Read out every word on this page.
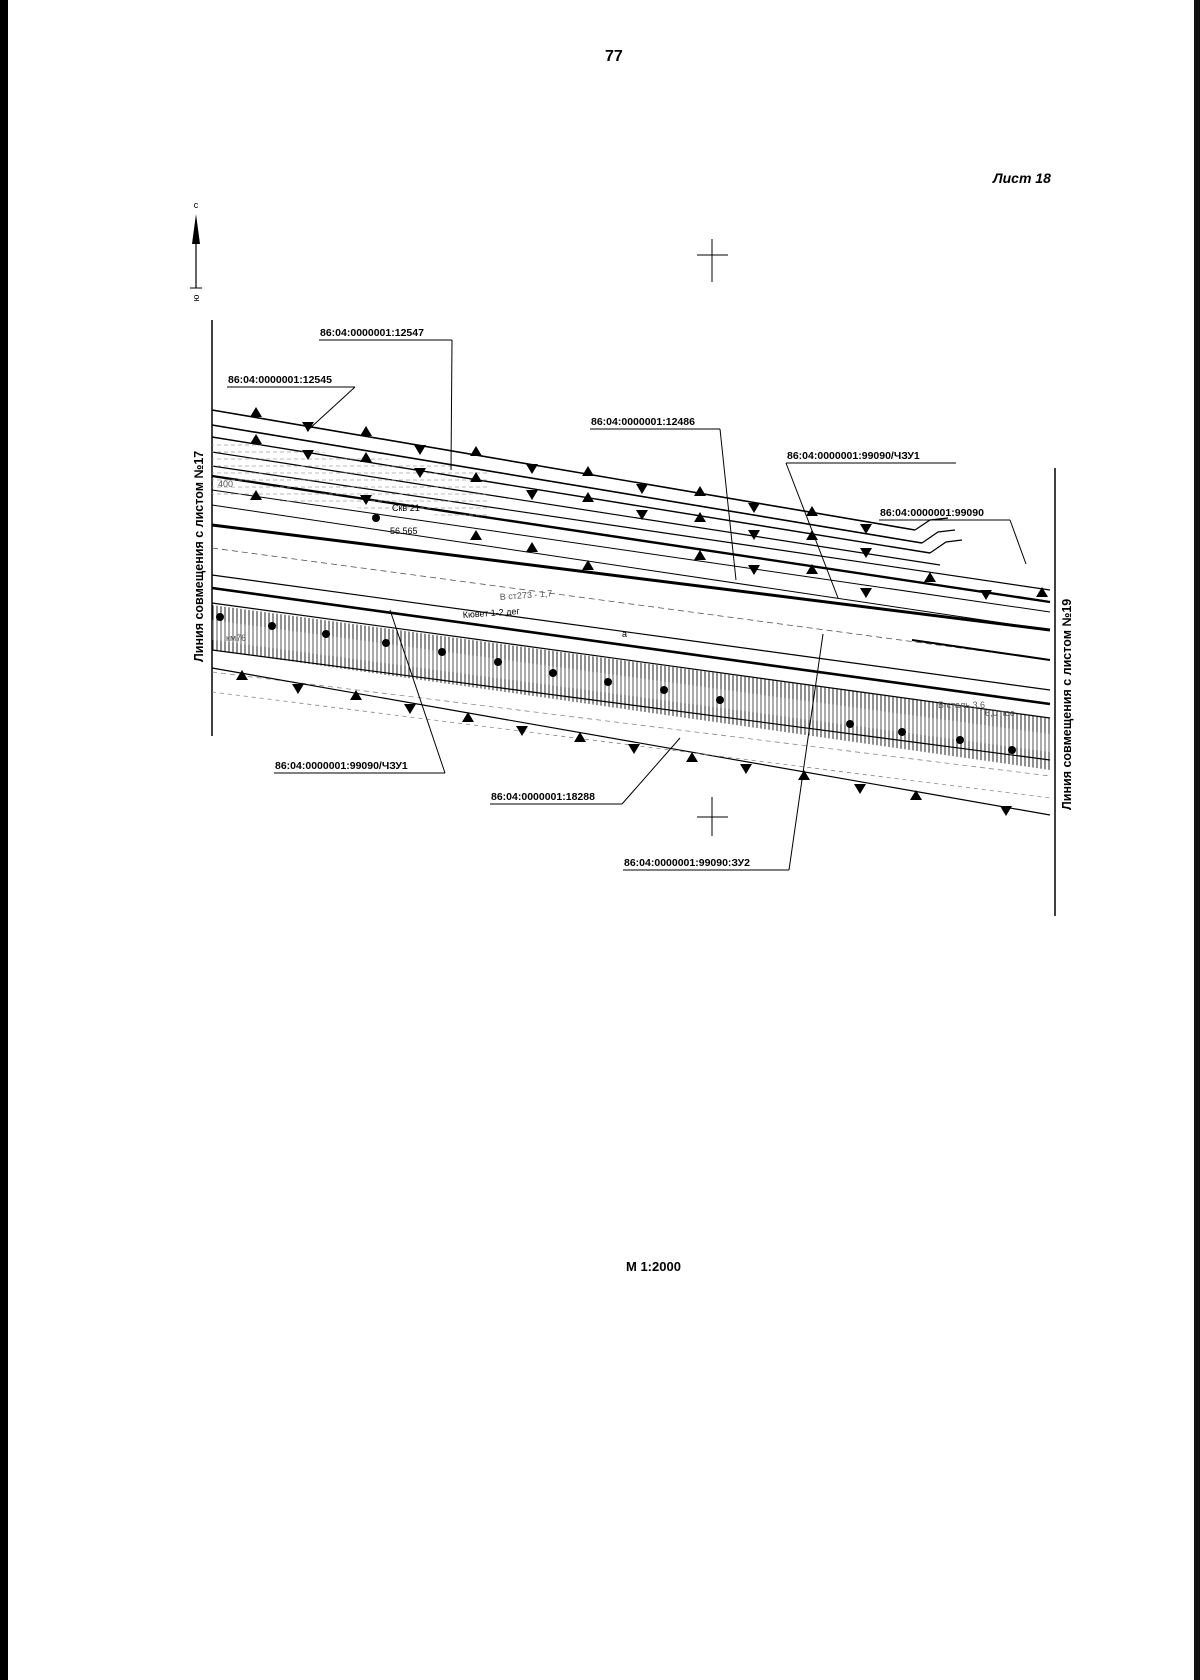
77
Лист 18
М 1:2000
с
ю
Линия совмещения с листом №17
Линия совмещения с листом №19
Скв 21
56.565
В ст273 - 1,7
Кювет 1-2 дег
км76
400
а
В сталь 3,6
6,0 пос
86:04:0000001:12547
86:04:0000001:12545
86:04:0000001:12486
86:04:0000001:99090/ЧЗУ1
86:04:0000001:99090
86:04:0000001:99090/ЧЗУ1
86:04:0000001:18288
86:04:0000001:99090:ЗУ2
